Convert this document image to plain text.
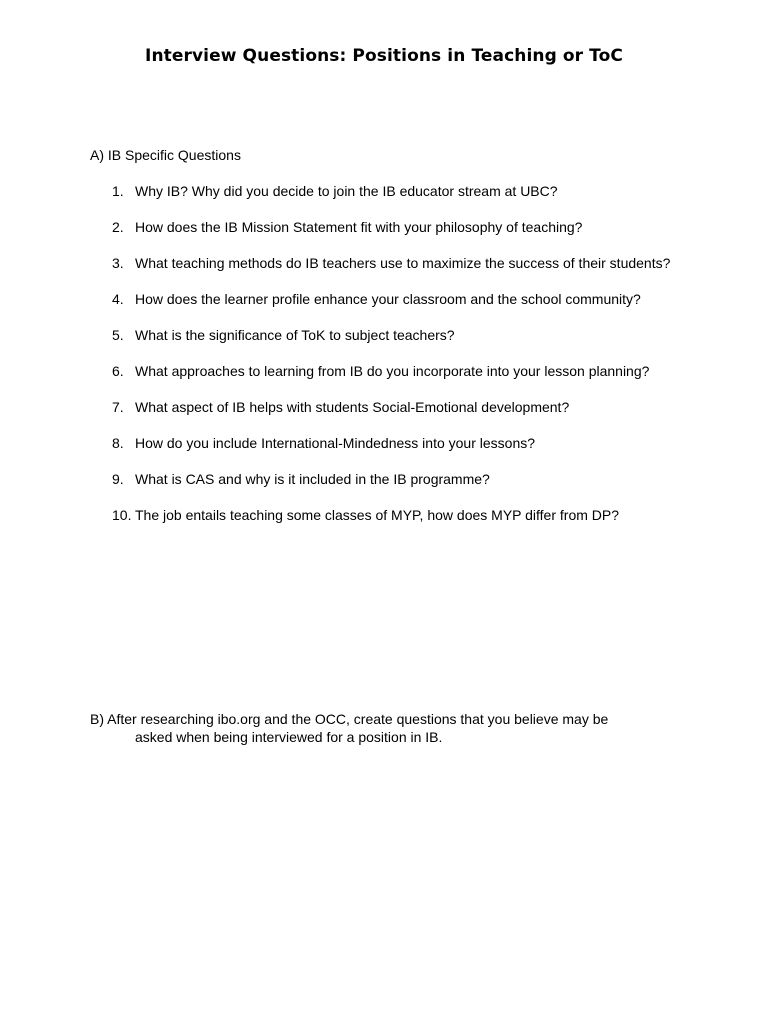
Interview Questions: Positions in Teaching or ToC
A) IB Specific Questions
1. Why IB? Why did you decide to join the IB educator stream at UBC?
2. How does the IB Mission Statement fit with your philosophy of teaching?
3. What teaching methods do IB teachers use to maximize the success of their students?
4. How does the learner profile enhance your classroom and the school community?
5. What is the significance of ToK to subject teachers?
6. What approaches to learning from IB do you incorporate into your lesson planning?
7. What aspect of IB helps with students Social-Emotional development?
8. How do you include International-Mindedness into your lessons?
9. What is CAS and why is it included in the IB programme?
10. The job entails teaching some classes of MYP, how does MYP differ from DP?
B) After researching ibo.org and the OCC, create questions that you believe may be
asked when being interviewed for a position in IB.
